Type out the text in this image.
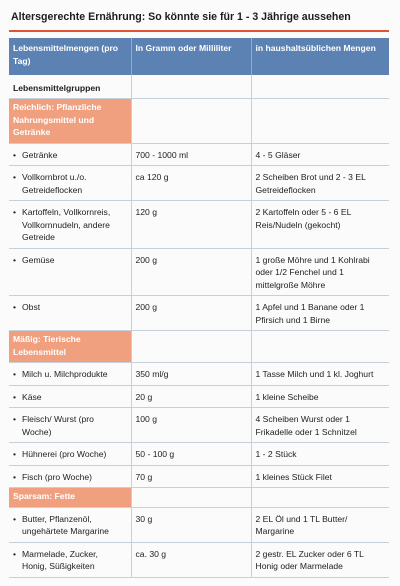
Altersgerechte Ernährung: So könnte sie für 1 - 3 Jährige aussehen
Lebensmittelmengen (pro Tag)	In Gramm oder Milliliter	in haushaltsüblichen Mengen
Lebensmittelgruppen		
Reichlich: Pflanzliche Nahrungsmittel und Getränke		
• Getränke	700 - 1000 ml	4 - 5 Gläser
• Vollkornbrot u./o. Getreideflocken	ca 120 g	2 Scheiben Brot und 2 - 3 EL Getreideflocken
• Kartoffeln, Vollkornreis, Vollkornnudeln, andere Getreide	120 g	2 Kartoffeln oder 5 - 6 EL Reis/Nudeln (gekocht)
• Gemüse	200 g	1 große Möhre und 1 Kohlrabi oder 1/2 Fenchel und 1 mittelgroße Möhre
• Obst	200 g	1 Apfel und 1 Banane oder 1 Pfirsich und 1 Birne
Mäßig: Tierische Lebensmittel		
• Milch u. Milchprodukte	350 ml/g	1 Tasse Milch und 1 kl. Joghurt
• Käse	20 g	1 kleine Scheibe
• Fleisch/ Wurst (pro Woche)	100 g	4 Scheiben Wurst oder 1 Frikadelle oder 1 Schnitzel
• Hühnerei (pro Woche)	50 - 100 g	1 - 2 Stück
• Fisch (pro Woche)	70 g	1 kleines Stück Filet
Sparsam: Fette		
• Butter, Pflanzenöl, ungehärtete Margarine	30 g	2 EL Öl und 1 TL Butter/ Margarine
• Marmelade, Zucker, Honig, Süßigkeiten	ca. 30 g	2 gestr. EL Zucker oder 6 TL Honig oder Marmelade
